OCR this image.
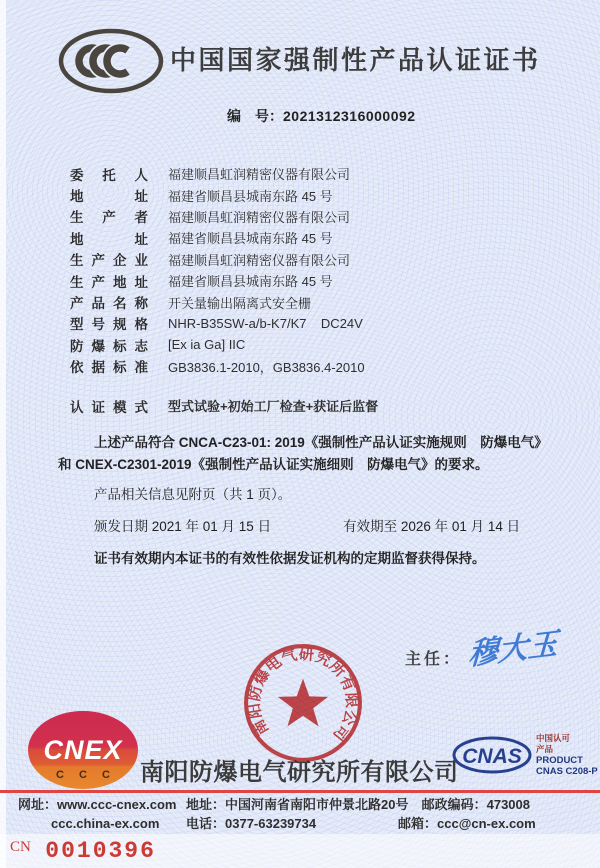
中国国家强制性产品认证证书
编　号：2021312316000092
委 托 人	福建顺昌虹润精密仪器有限公司
地 址	福建省顺昌县城南东路 45 号
生 产 者	福建顺昌虹润精密仪器有限公司
地 址	福建省顺昌县城南东路 45 号
生 产 企 业	福建顺昌虹润精密仪器有限公司
生 产 地 址	福建省顺昌县城南东路 45 号
产 品 名 称	开关量输出隔离式安全栅
型 号 规 格	NHR-B35SW-a/b-K7/K7    DC24V
防 爆 标 志	[Ex ia Ga] IIC
依 据 标 准	GB3836.1-2010，GB3836.4-2010
认 证 模 式	型式试验+初始工厂检查+获证后监督
上述产品符合 CNCA-C23-01: 2019《强制性产品认证实施规则　防爆电气》
和 CNEX-C2301-2019《强制性产品认证实施细则　防爆电气》的要求。
产品相关信息见附页（共 1 页）。
颁发日期 2021 年 01 月 15 日	有效期至 2026 年 01 月 14 日
证书有效期内本证书的有效性依据发证机构的定期监督获得保持。
主任： 穆大玉
南阳防爆电气研究所有限公司
CNEX
C C C 南阳防爆电气研究所有限公司
CNAS
中国认可
产品
PRODUCT
CNAS C208-P
网址：www.ccc-cnex.com
ccc.china-ex.com
地址：中国河南省南阳市仲景北路20号
电话：0377-63239734
邮政编码：473008
邮箱：ccc@cn-ex.com
CN 0010396
